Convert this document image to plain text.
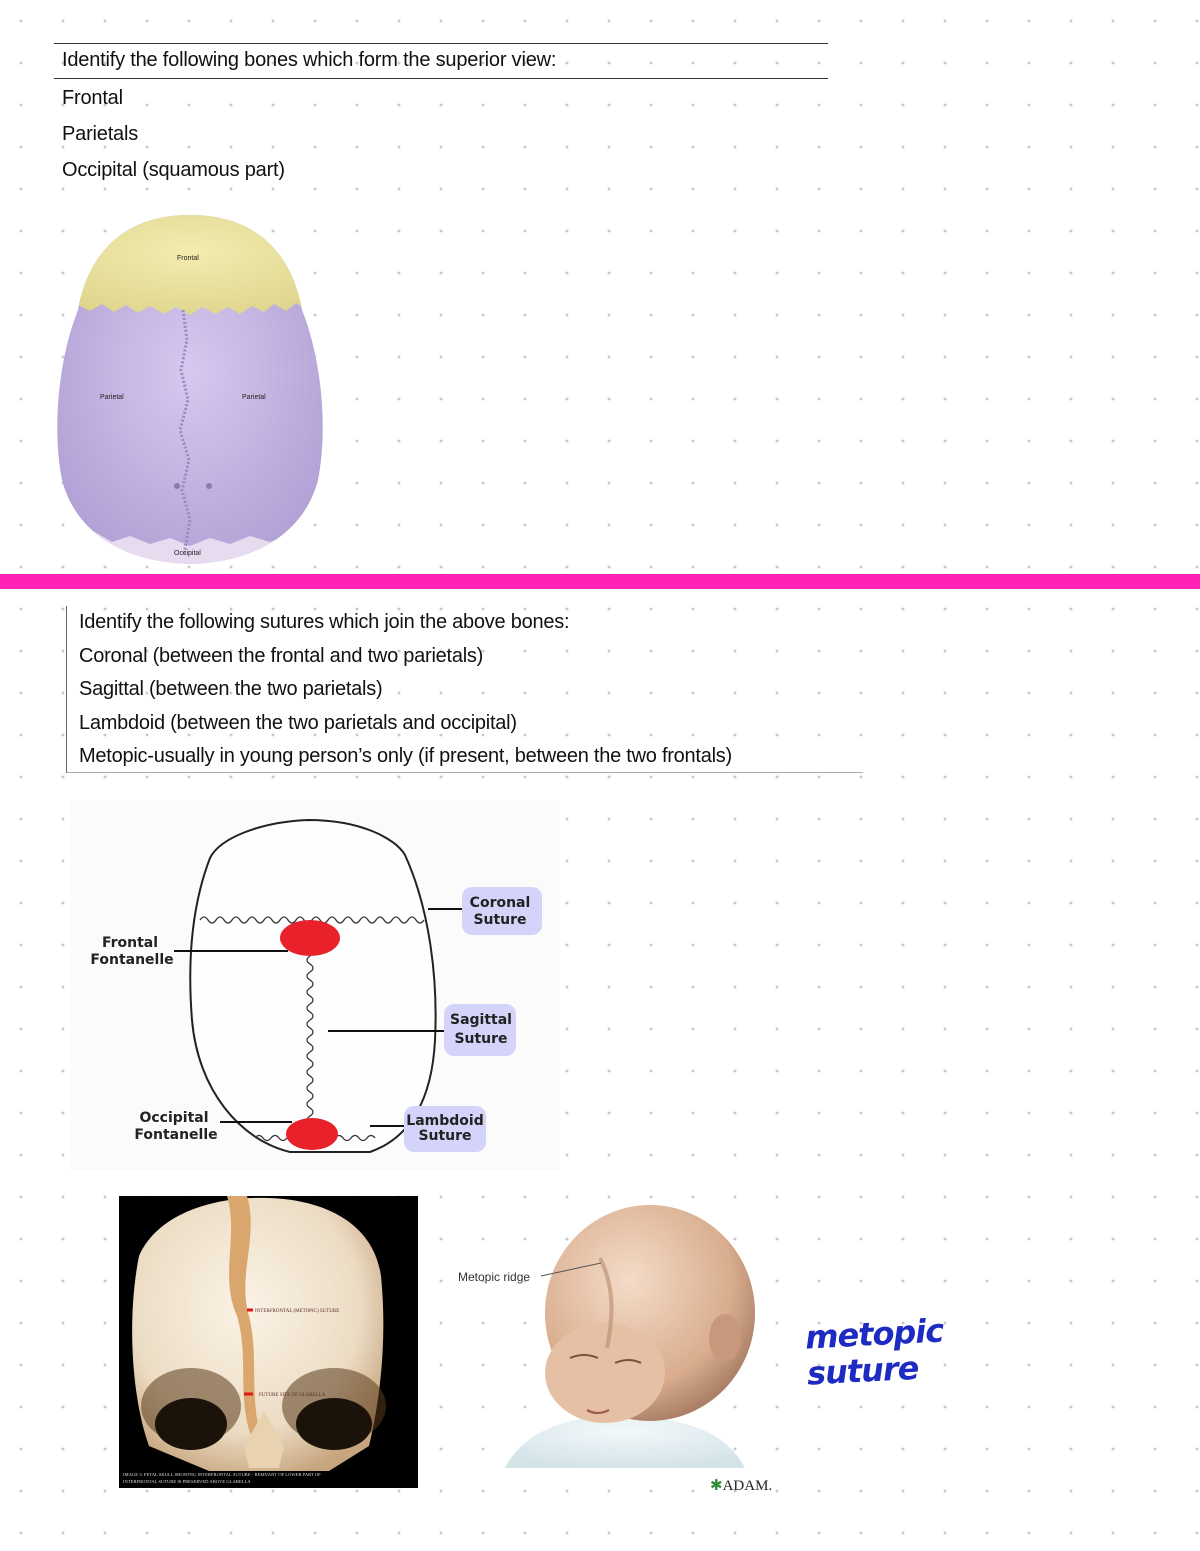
Identify the following bones which form the superior view:
Frontal
Parietals
Occipital (squamous part)
Frontal
Parietal	Parietal
Occipital
Identify the following sutures which join the above bones:
Coronal (between the frontal and two parietals)
Sagittal (between the two parietals)
Lambdoid (between the two parietals and occipital)
Metopic-usually in young person’s only (if present, between the two frontals)
Coronal
Suture
Sagittal
Suture
Lambdoid
Suture
Frontal
Fontanelle
Occipital
Fontanelle
INTERFRONTAL (METOPIC) SUTURE
FUTURE SITE OF GLABELLA
IMAGE 3: FETAL SKULL SHOWING INTERFRONTAL SUTURE - REMNANT OF LOWER PART OF
INTERFRONTAL SUTURE IS PRESERVED ABOVE GLABELLA
Metopic ridge
✱ADAM.
metopic
suture
